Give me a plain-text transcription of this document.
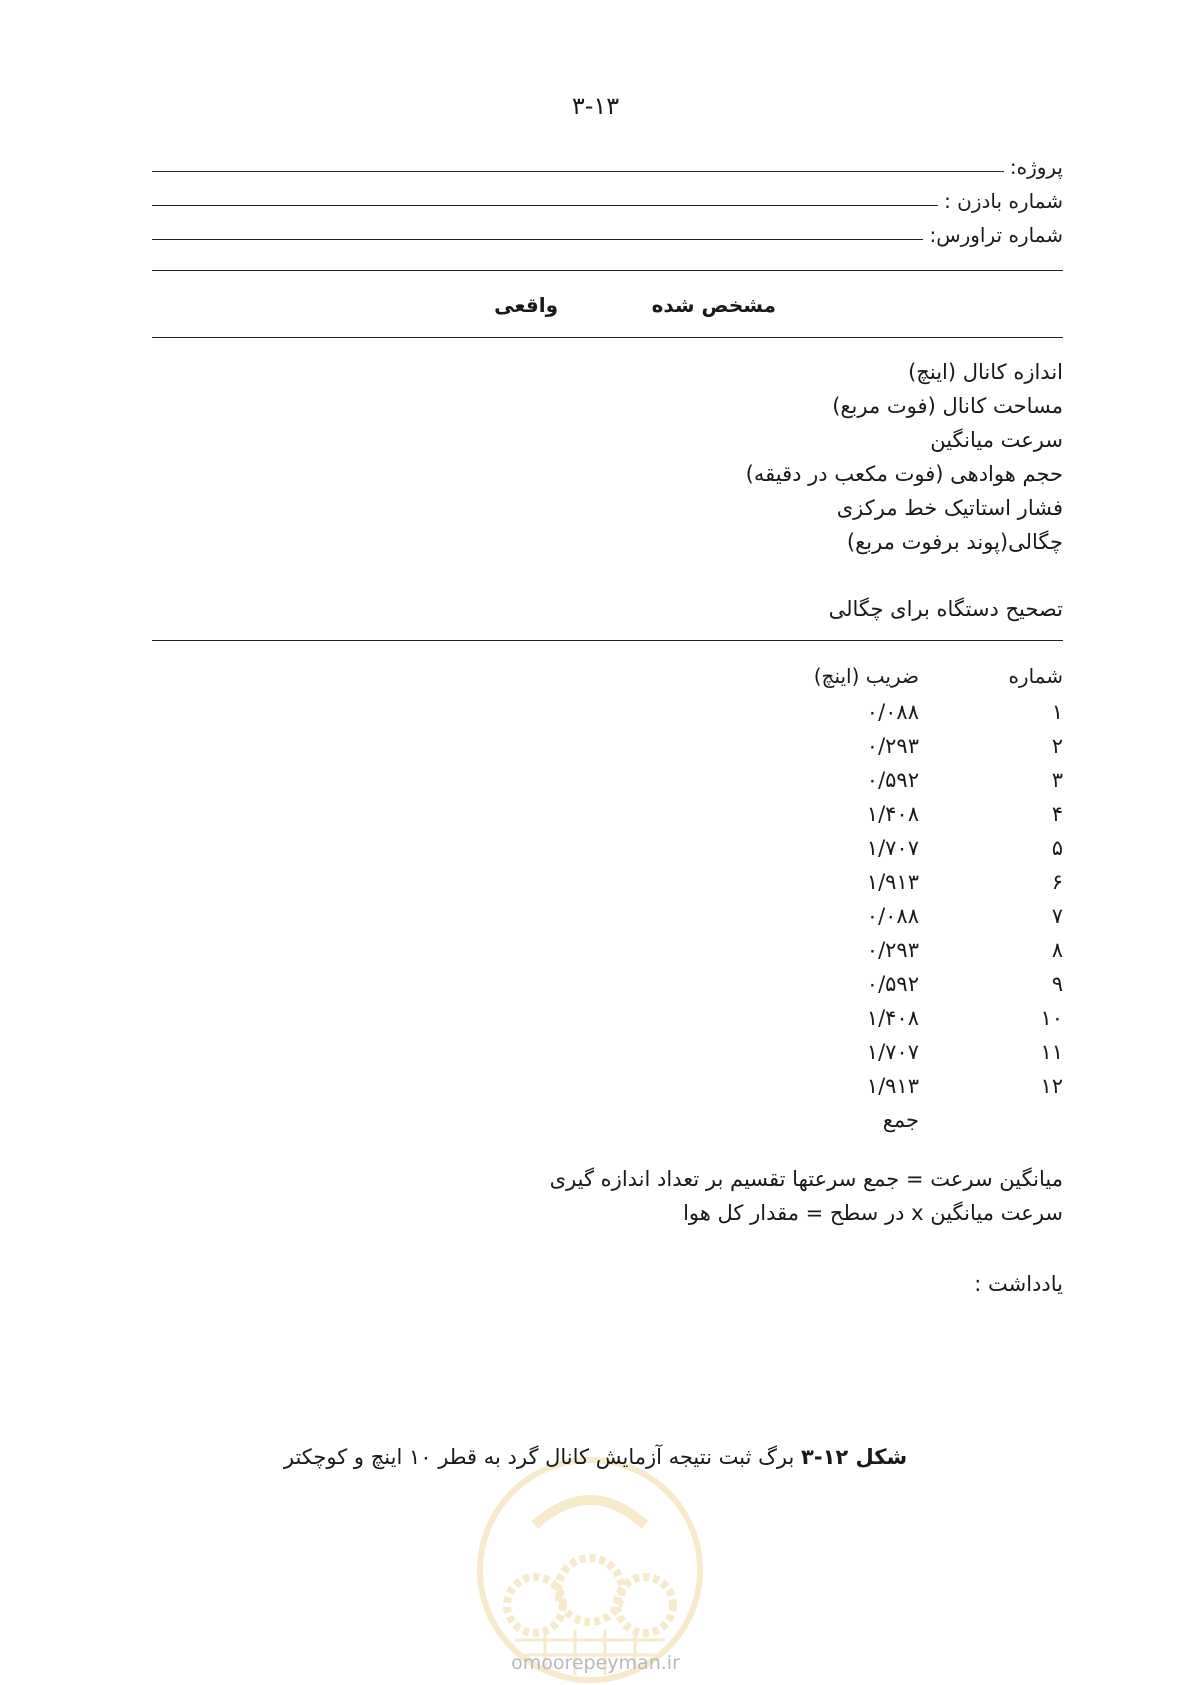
۳-۱۳
پروژه:
شماره بادزن :
شماره تراورس:
مشخص شده
واقعی
اندازه کانال (اینچ)
مساحت کانال (فوت مربع)
سرعت میانگین
حجم هوادهی (فوت مکعب در دقیقه)
فشار استاتیک خط مرکزی
چگالی(پوند برفوت مربع)
تصحیح دستگاه برای چگالی
شماره
ضریب (اینچ)
۱
۰/۰۸۸
۲
۰/۲۹۳
۳
۰/۵۹۲
۴
۱/۴۰۸
۵
۱/۷۰۷
۶
۱/۹۱۳
۷
۰/۰۸۸
۸
۰/۲۹۳
۹
۰/۵۹۲
۱۰
۱/۴۰۸
۱۱
۱/۷۰۷
۱۲
۱/۹۱۳
جمع
میانگین سرعت = جمع سرعتها تقسیم بر تعداد اندازه گیری
سرعت میانگین x در سطح = مقدار کل هوا
یادداشت :
شکل ۱۲-۳ برگ ثبت نتیجه آزمایش کانال گرد به قطر ۱۰ اینچ و کوچکتر
omoorepeyman.ir
